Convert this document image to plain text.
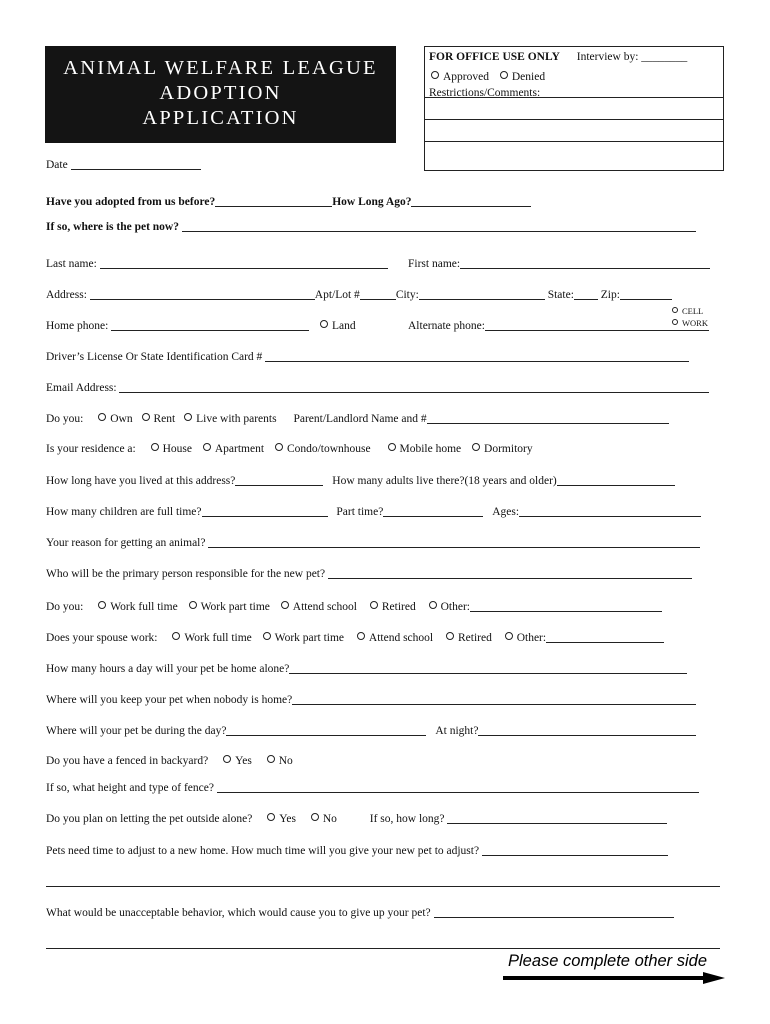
ANIMAL WELFARE LEAGUE
ADOPTION
APPLICATION
FOR OFFICE USE ONLY Interview by: ________
Approved Denied
Restrictions/Comments:
Date
Have you adopted from us before?	How Long Ago?
If so, where is the pet now?
Last name:	First name:
Address:	Apt/Lot #	City:	State: Zip:
CELL
WORK
Home phone:	Land	Alternate phone:
Driver’s License Or State Identification Card #
Email Address:
Do you: Own Rent Live with parents Parent/Landlord Name and #
Is your residence a: House Apartment Condo/townhouse	Mobile home Dormitory
How long have you lived at this address?	How many adults live there?(18 years and older)
How many children are full time?	Part time?	Ages:
Your reason for getting an animal?
Who will be the primary person responsible for the new pet?
Do you: Work full time Work part time Attend school Retired Other:
Does your spouse work: Work full time Work part time Attend school Retired Other:
How many hours a day will your pet be home alone?
Where will you keep your pet when nobody is home?
Where will your pet be during the day?	At night?
Do you have a fenced in backyard? Yes No
If so, what height and type of fence?
Do you plan on letting the pet outside alone? Yes No	If so, how long?
Pets need time to adjust to a new home. How much time will you give your new pet to adjust?
What would be unacceptable behavior, which would cause you to give up your pet?
Please complete other side
